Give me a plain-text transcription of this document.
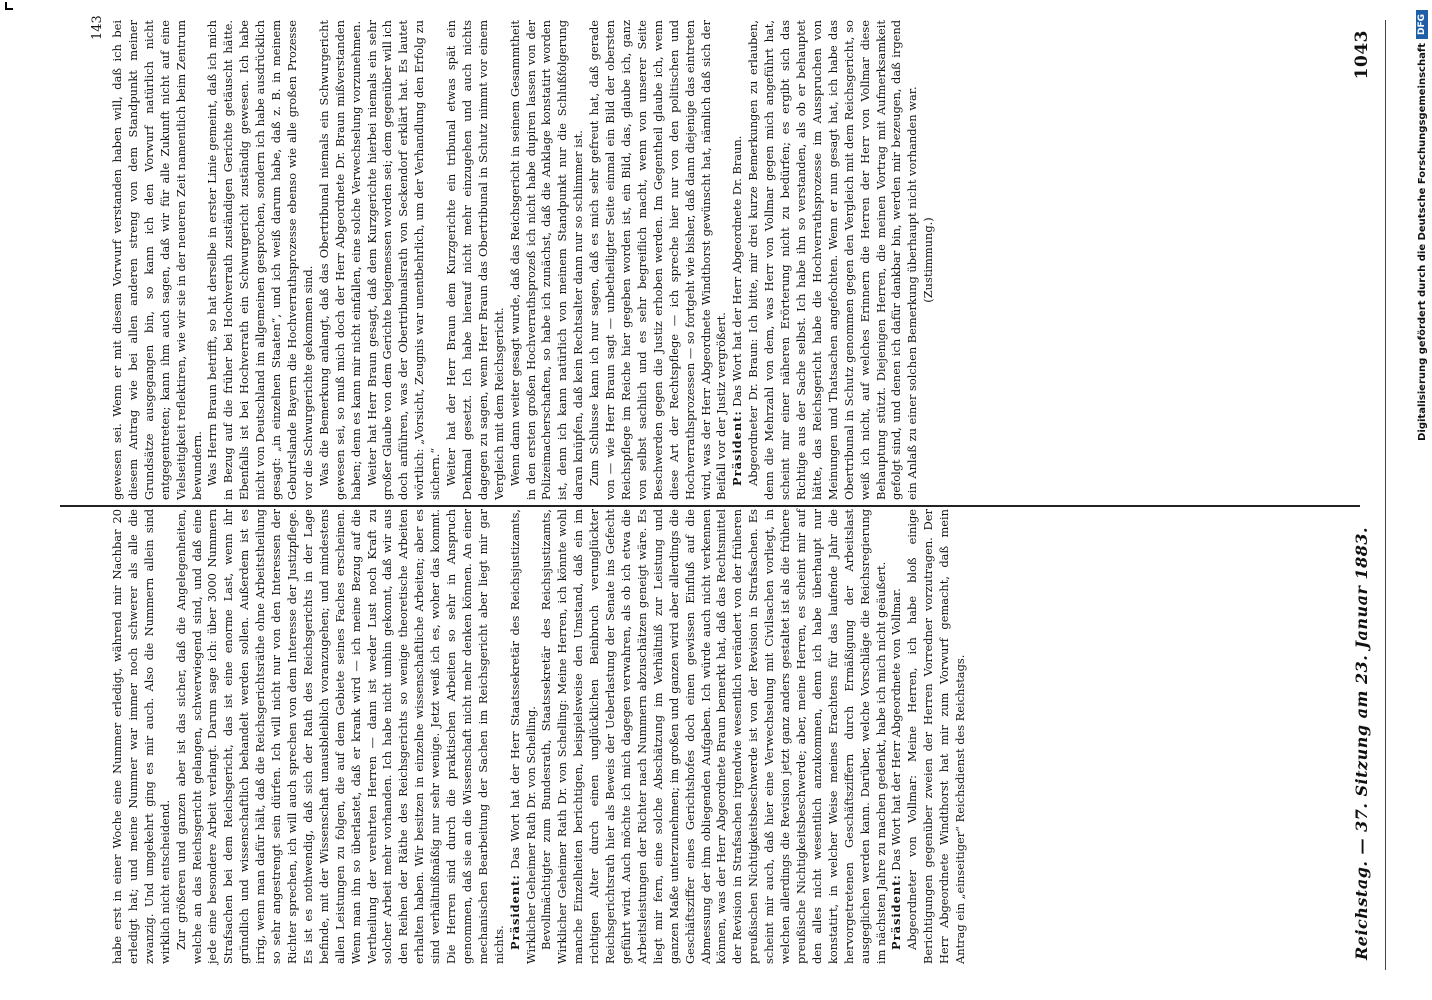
Reichstag. — 37. Sitzung am 23. Januar 1883.
1043

habe erst in einer Woche eine Nummer erledigt, während mir Nachbar 20 erledigt hat; und meine Nummer war immer noch schwerer als alle die zwanzig. Und umgekehrt ging es mir auch. Also die Nummern allein sind wirklich nicht entscheidend. Zur größeren und ganzen aber ist das sicher, daß die Angelegenheiten, welche an das Reichsgericht gelangen, schwerwiegend sind, und daß eine jede eine besondere Arbeit verlangt. Darum sage ich: über 3000 Nummern Strafsachen bei dem Reichsgericht, das ist eine enorme Last, wenn ihr gründlich und wissenschaftlich behandelt werden sollen. Außerdem ist es irrig, wenn man dafür hält, daß die Reichsgerichtsräthe ohne Arbeitstheilung so sehr angestrengt sein dürfen. Ich will nicht nur von den Interessen der Richter sprechen, ich will auch sprechen von dem Interesse der Justizpflege. Es ist es nothwendig, daß sich der Rath des Reichsgerichts in der Lage befinde, mit der Wissenschaft unausbleiblich voranzugehen; und mindestens allen Leistungen zu folgen, die auf dem Gebiete seines Faches erscheinen. Wenn man ihn so überlastet, daß er krank wird — ich meine Bezug auf die Vertheilung der verehrten Herren — dann ist weder Lust noch Kraft zu solcher Arbeit mehr vorhanden. Ich habe nicht umhin gekonnt, daß wir aus den Reihen der Räthe des Reichsgerichts so wenige theoretische Arbeiten erhalten haben. Wir besitzen in einzelne wissenschaftliche Arbeiten; aber es sind verhältnißmäßig nur sehr wenige. Jetzt weiß ich es, woher das kommt. Die Herren sind durch die praktischen Arbeiten so sehr in Anspruch genommen, daß sie an die Wissenschaft nicht mehr denken können. An einer mechanischen Bearbeitung der Sachen im Reichsgericht aber liegt mir gar nichts. Präsident: Das Wort hat der Herr Staatssekretär des Reichsjustizamts, Wirklicher Geheimer Rath Dr. von Schelling. Bevollmächtigter zum Bundesrath, Staatssekretär des Reichsjustizamts, Wirklicher Geheimer Rath Dr. von Schelling: Meine Herren, ich könnte wohl manche Einzelheiten berichtigen, beispielsweise den Umstand, daß ein im richtigen Alter durch einen unglücklichen Beinbruch verunglückter Reichsgerichtsrath hier als Beweis der Ueberlastung der Senate ins Gefecht geführt wird. Auch möchte ich mich dagegen verwahren, als ob ich etwa die Arbeitsleistungen der Richter nach Nummern abzuschätzen geneigt wäre. Es liegt mir fern, eine solche Abschätzung im Verhältniß zur Leistung und ganzen Maße unterzunehmen; im großen und ganzen wird aber allerdings die Geschäftsziffer eines Gerichtshofes doch einen gewissen Einfluß auf die Abmessung der ihm obliegenden Aufgaben. Ich würde auch nicht verkennen können, was der Herr Abgeordnete Braun bemerkt hat, daß das Rechtsmittel der Revision in Strafsachen irgendwie wesentlich verändert von der früheren preußischen Nichtigkeitsbeschwerde ist von der Revision in Strafsachen. Es scheint mir auch, daß hier eine Verwechselung mit Civilsachen vorliegt, in welchen allerdings die Revision jetzt ganz anders gestaltet ist als die frühere preußische Nichtigkeitsbeschwerde; aber, meine Herren, es scheint mir auf den alles nicht wesentlich anzukommen, denn ich habe überhaupt nur konstatirt, in welcher Weise meines Erachtens für das laufende Jahr die hervorgetretenen Geschäftsziffern durch Ermäßigung der Arbeitslast ausgeglichen werden kann. Darüber, welche Vorschläge die Reichsregierung im nächsten Jahre zu machen gedenkt, habe ich mich nicht geäußert. Präsident: Das Wort hat der Herr Abgeordnete von Vollmar. Abgeordneter von Vollmar: Meine Herren, ich habe bloß einige Berichtigungen gegenüber zweien der Herren Vorredner vorzutragen. Der Herr Abgeordnete Windthorst hat mir zum Vorwurf gemacht, daß mein Antrag ein „einseitiger“ Reichsdienst des Reichstags.

gewesen sei. Wenn er mit diesem Vorwurf verstanden haben will, daß ich bei diesem Antrag wie bei allen anderen streng von dem Standpunkt meiner Grundsätze ausgegangen bin, so kann ich den Vorwurf natürlich nicht entgegentreten; kann ihm auch sagen, daß wir für alle Zukunft nicht auf eine Vielseitigkeit reflektiren, wie wir sie in der neueren Zeit namentlich beim Zentrum bewundern. Was Herrn Braun betrifft, so hat derselbe in erster Linie gemeint, daß ich mich in Bezug auf die früher bei Hochverrath zuständigen Gerichte getäuscht hätte. Ebenfalls ist bei Hochverrath ein Schwurgericht zuständig gewesen. Ich habe nicht von Deutschland im allgemeinen gesprochen, sondern ich habe ausdrücklich gesagt: „in einzelnen Staaten“, und ich weiß darum habe, daß z. B. in meinem Geburtslande Bayern die Hochverrathsprozesse ebenso wie alle großen Prozesse vor die Schwurgerichte gekommen sind. Was die Bemerkung anlangt, daß das Obertribunal niemals ein Schwurgericht gewesen sei, so muß mich doch der Herr Abgeordnete Dr. Braun mißverstanden haben; denn es kann mir nicht einfallen, eine solche Verwechselung vorzunehmen. Weiter hat Herr Braun gesagt, daß dem Kurzgerichte hierbei niemals ein sehr großer Glaube von dem Gerichte beigemessen worden sei; dem gegenüber will ich doch anführen, was der Obertribunalsrath von Seckendorf erklärt hat. Es lautet wörtlich: „Vorsicht, Zeugnis war unentbehrlich, um der Verhandlung den Erfolg zu sichern.“ Weiter hat der Herr Braun dem Kurzgerichte ein tribunal etwas spät ein Denkmal gesetzt. Ich habe hierauf nicht mehr einzugehen und auch nichts dagegen zu sagen, wenn Herr Braun das Obertribunal in Schutz nimmt vor einem Vergleich mit dem Reichsgericht. Wenn dann weiter gesagt wurde, daß das Reichsgericht in seinem Gesammtheit in den ersten großen Hochverrathsprozeß ich nicht habe dupiren lassen von der Polizeimacherschaften, so habe ich zunächst, daß die Anklage konstatirt worden ist, denn ich kann natürlich von meinem Standpunkt nur die Schlußfolgerung daran knüpfen, daß kein Rechtsalter dann nur so schlimmer ist. Zum Schlusse kann ich nur sagen, daß es mich sehr gefreut hat, daß gerade von — wie Herr Braun sagt — unbetheiligter Seite einmal ein Bild der obersten Reichspflege im Reiche hier gegeben worden ist, ein Bild, das, glaube ich, ganz von selbst sachlich und es sehr begreiflich macht, wenn von unserer Seite Beschwerden gegen die Justiz erhoben werden. Im Gegentheil glaube ich, wenn diese Art der Rechtspflege — ich spreche hier nur von den politischen und Hochverrathsprozessen — so fortgeht wie bisher, daß dann diejenige das eintreten wird, was der Herr Abgeordnete Windthorst gewünscht hat, nämlich daß sich der Beifall vor der Justiz vergrößert. Präsident: Das Wort hat der Herr Abgeordnete Dr. Braun. Abgeordneter Dr. Braun: Ich bitte, mir drei kurze Bemerkungen zu erlauben, denn die Mehrzahl von dem, was Herr von Vollmar gegen mich angeführt hat, scheint mir einer näheren Erörterung nicht zu bedürfen; es ergibt sich das Richtige aus der Sache selbst. Ich habe ihn so verstanden, als ob er behauptet hätte, das Reichsgericht habe die Hochverrathsprozesse im Ausspruchen von Meinungen und Thatsachen angefochten. Wenn er nun gesagt hat, ich habe das Obertribunal in Schutz genommen gegen den Vergleich mit dem Reichsgericht, so weiß ich nicht, auf welches Erinnern die Herren der Herr von Vollmar diese Behauptung stützt. Diejenigen Herren, die meinen Vortrag mit Aufmerksamkeit gefolgt sind, und denen ich dafür dankbar bin, werden mir bezeugen, daß irgend ein Anlaß zu einer solchen Bemerkung überhaupt nicht vorhanden war. (Zustimmung.)

143
Digitalisierung gefördert durch die Deutsche Forschungsgemeinschaft
DFG
